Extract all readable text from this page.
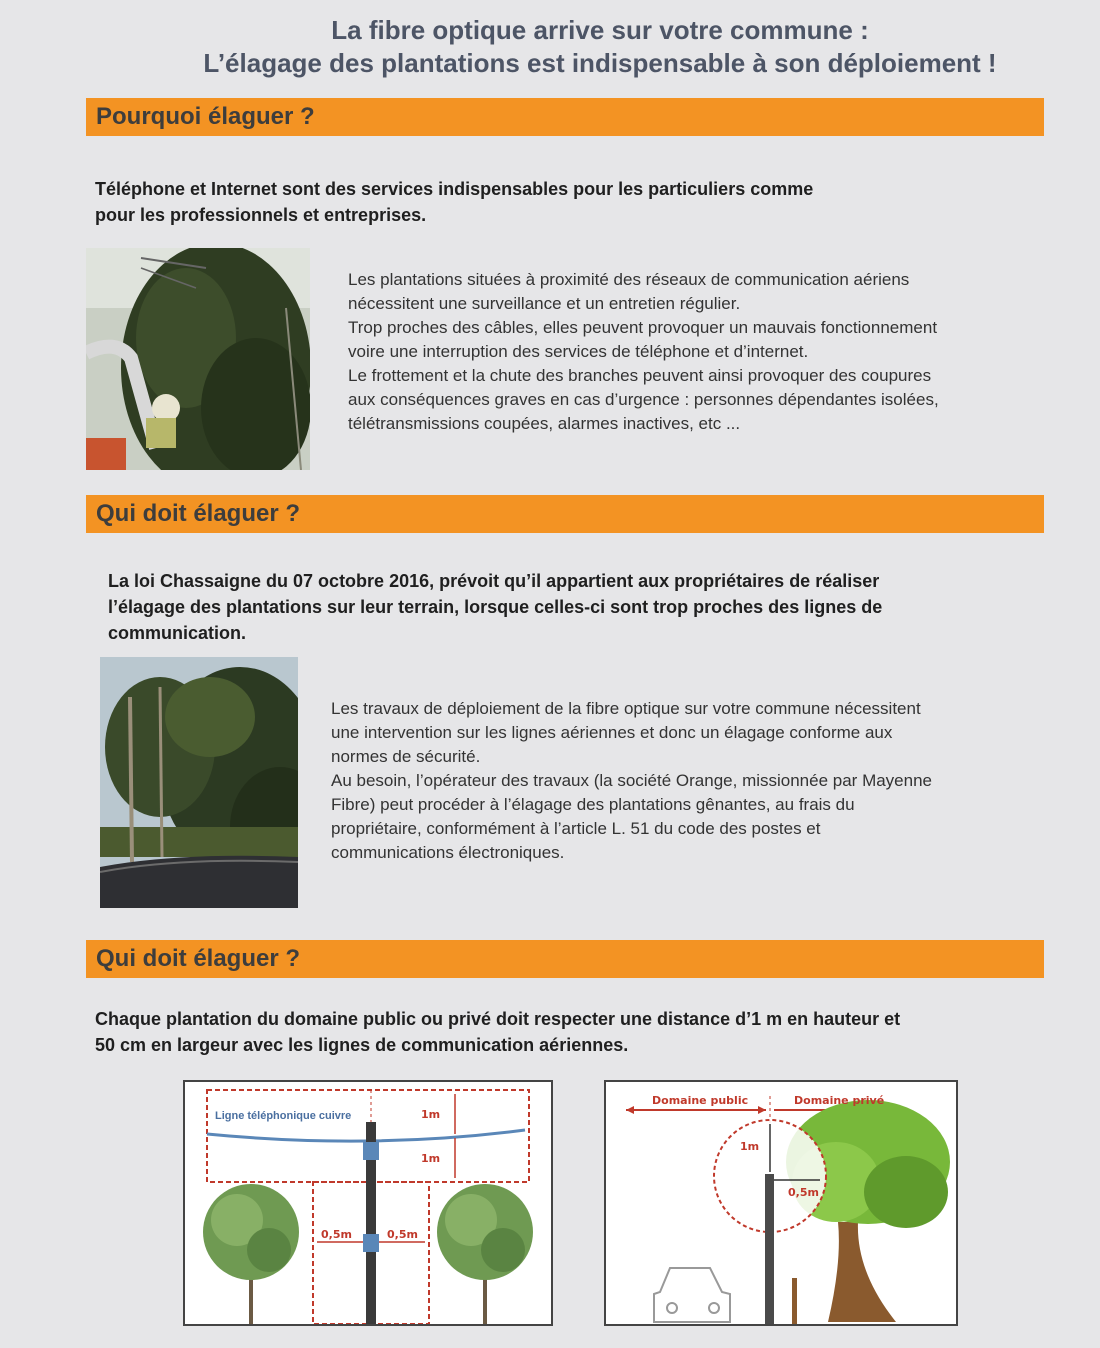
La fibre optique arrive sur votre commune :
L’élagage des plantations est indispensable à son déploiement !
Pourquoi élaguer ?
Téléphone et Internet sont des services indispensables pour les particuliers comme
pour les professionnels et entreprises.
Les plantations situées à proximité des réseaux de communication aériens
nécessitent une surveillance et un entretien régulier.
Trop proches des câbles, elles peuvent provoquer un mauvais fonctionnement
voire une interruption des services de téléphone et d’internet.
Le frottement et la chute des branches peuvent ainsi provoquer des coupures
aux conséquences graves en cas d’urgence : personnes dépendantes isolées,
télétransmissions coupées, alarmes inactives, etc ...
Qui doit élaguer ?
La loi Chassaigne du 07 octobre 2016, prévoit qu’il appartient aux propriétaires de réaliser
l’élagage des plantations sur leur terrain, lorsque celles-ci sont trop proches des lignes de
communication.
Les travaux de déploiement de la fibre optique sur votre commune nécessitent
une intervention sur les lignes aériennes et donc un élagage conforme aux
normes de sécurité.
Au besoin, l’opérateur des travaux (la société Orange, missionnée par Mayenne
Fibre) peut procéder à l’élagage des plantations gênantes, au frais du
propriétaire, conformément à l’article L. 51 du code des postes et
communications électroniques.
Qui doit élaguer ?
Chaque plantation du domaine public ou privé doit respecter une distance d’1 m en hauteur et
50 cm en largeur avec les lignes de communication aériennes.
Ligne téléphonique cuivre	1m
1m
0,5m	0,5m
Domaine public	Domaine privé
1m
0,5m
